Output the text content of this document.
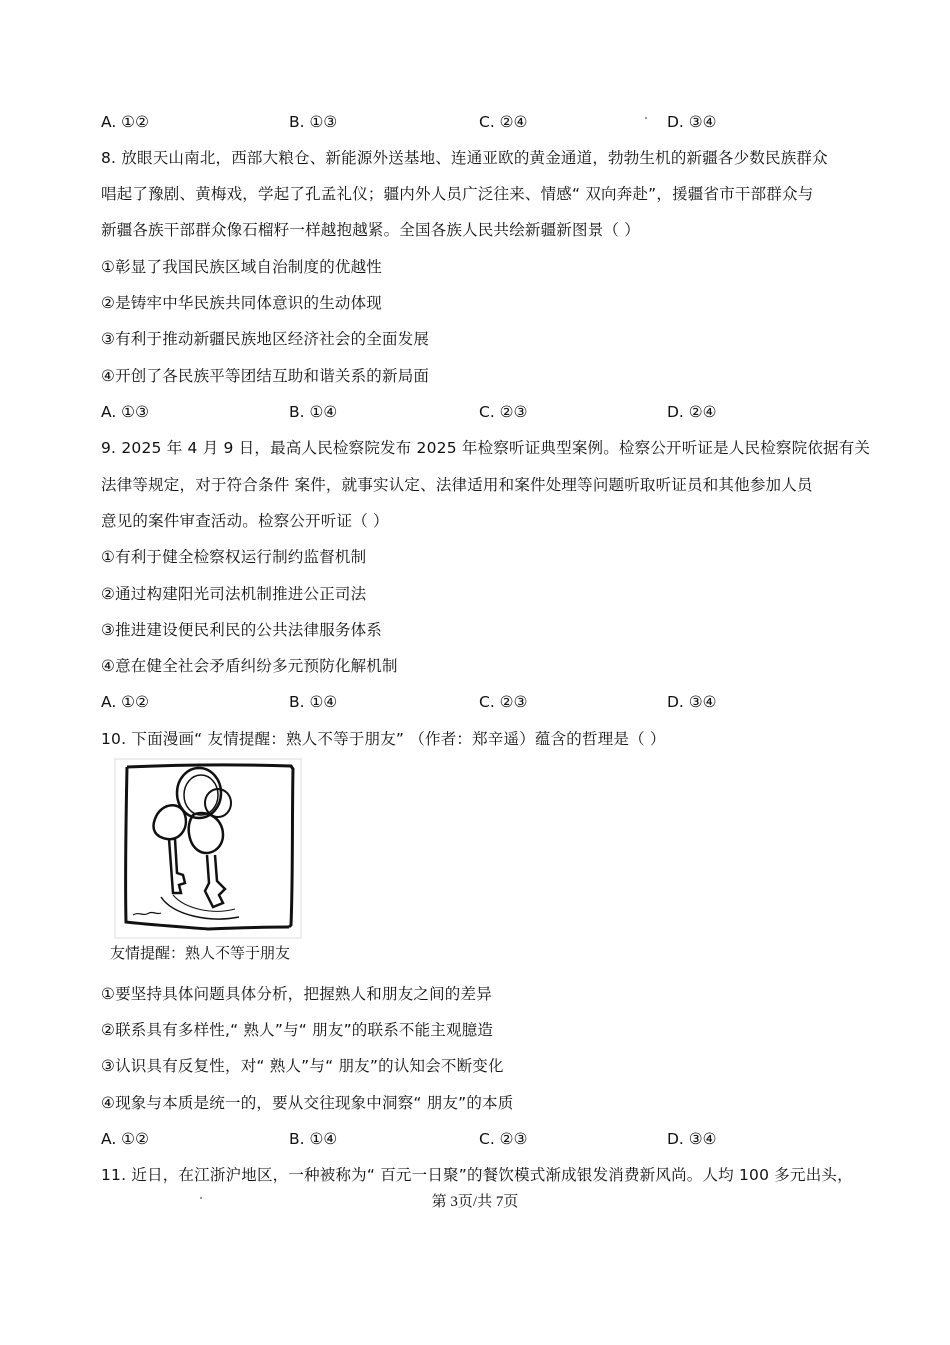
A. ①②	B. ①③	C. ②④	D. ③④
8. 放眼天山南北，西部大粮仓、新能源外送基地、连通亚欧的黄金通道，勃勃生机的新疆各少数民族群众
唱起了豫剧、黄梅戏，学起了孔孟礼仪；疆内外人员广泛往来、情感“ 双向奔赴”，援疆省市干部群众与
新疆各族干部群众像石榴籽一样越抱越紧。全国各族人民共绘新疆新图景（ ）
①彰显了我国民族区域自治制度的优越性
②是铸牢中华民族共同体意识的生动体现
③有利于推动新疆民族地区经济社会的全面发展
④开创了各民族平等团结互助和谐关系的新局面
A. ①③	B. ①④	C. ②③	D. ②④
9. 2025 年 4 月 9 日，最高人民检察院发布 2025 年检察听证典型案例。检察公开听证是人民检察院依据有关
法律等规定，对于符合条件 案件，就事实认定、法律适用和案件处理等问题听取听证员和其他参加人员
意见的案件审查活动。检察公开听证（ ）
①有利于健全检察权运行制约监督机制
②通过构建阳光司法机制推进公正司法
③推进建设便民利民的公共法律服务体系
④意在健全社会矛盾纠纷多元预防化解机制
A. ①②	B. ①④	C. ②③	D. ③④
10. 下面漫画“ 友情提醒：熟人不等于朋友” （作者：郑辛遥）蕴含的哲理是（ ）
友情提醒：熟人不等于朋友
①要坚持具体问题具体分析，把握熟人和朋友之间的差异
②联系具有多样性,“ 熟人”与“ 朋友”的联系不能主观臆造
③认识具有反复性，对“ 熟人”与“ 朋友”的认知会不断变化
④现象与本质是统一的，要从交往现象中洞察“ 朋友”的本质
A. ①②	B. ①④	C. ②③	D. ③④
11. 近日，在江浙沪地区，一种被称为“ 百元一日聚”的餐饮模式渐成银发消费新风尚。人均 100 多元出头，
第 3页/共 7页
